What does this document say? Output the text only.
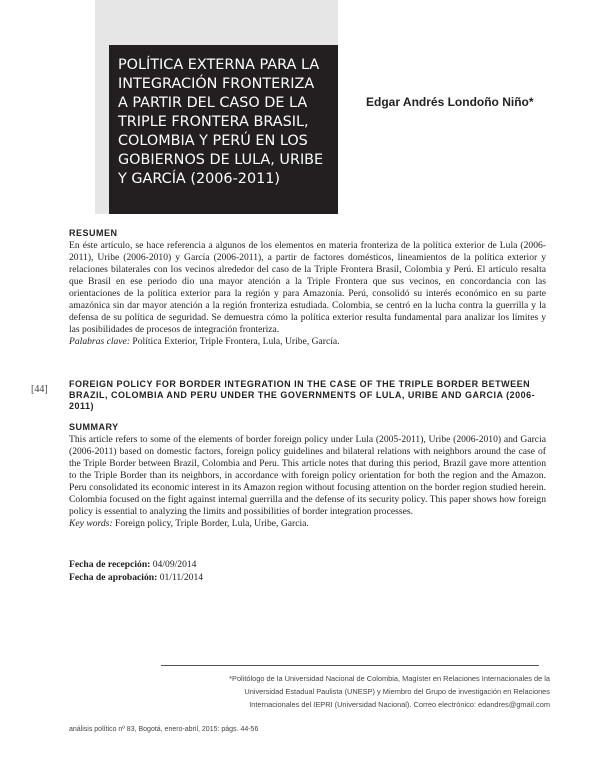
POLÍTICA EXTERNA PARA LA
INTEGRACIÓN FRONTERIZA
A PARTIR DEL CASO DE LA
TRIPLE FRONTERA BRASIL,
COLOMBIA Y PERÚ EN LOS
GOBIERNOS DE LULA, URIBE
Y GARCÍA (2006-2011)
Edgar Andrés Londoño Niño*
RESUMEN

En éste artículo, se hace referencia a algunos de los elementos en materia fronteriza de la política exterior de Lula (2006-2011), Uribe (2006-2010) y García (2006-2011), a partir de factores domésticos, lineamientos de la política exterior y relaciones bilaterales con los vecinos alrededor del caso de la Triple Frontera Brasil, Colombia y Perú. El artículo resalta que Brasil en ese periodo dio una mayor atención a la Triple Frontera que sus vecinos, en concordancia con las orientaciones de la política exterior para la región y para Amazonía. Perú, consolidó su interés económico en su parte amazónica sin dar mayor atención a la región fronteriza estudiada. Colombia, se centró en la lucha contra la guerrilla y la defensa de su política de seguridad. Se demuestra cómo la política exterior resulta fundamental para analizar los límites y las posibilidades de procesos de integración fronteriza.

Palabras clave: Política Exterior, Triple Frontera, Lula, Uribe, García.

[44] FOREIGN POLICY FOR BORDER INTEGRATION IN THE CASE OF THE TRIPLE BORDER BETWEEN BRAZIL, COLOMBIA AND PERU UNDER THE GOVERNMENTS OF LULA, URIBE AND GARCIA (2006-2011)
SUMMARY

This article refers to some of the elements of border foreign policy under Lula (2005-2011), Uribe (2006-2010) and Garcia (2006-2011) based on domestic factors, foreign policy guidelines and bilateral relations with neighbors around the case of the Triple Border between Brazil, Colombia and Peru. This article notes that during this period, Brazil gave more attention to the Triple Border than its neighbors, in accordance with foreign policy orientation for both the region and the Amazon. Peru consolidated its economic interest in its Amazon region without focusing attention on the border region studied herein. Colombia focused on the fight against internal guerrilla and the defense of its security policy. This paper shows how foreign policy is essential to analyzing the limits and possibilities of border integration processes.

Key words: Foreign policy, Triple Border, Lula, Uribe, Garcia.

Fecha de recepción: 04/09/2014
Fecha de aprobación: 01/11/2014
*Politólogo de la Universidad Nacional de Colombia, Magíster en Relaciones Internacionales de la Universidad Estadual Paulista (UNESP) y Miembro del Grupo de investigación en Relaciones Internacionales del IEPRI (Universidad Nacional). Correo electrónico: edandres@gmail.com
análisis político nº 83, Bogotá, enero-abril, 2015: págs. 44-56
